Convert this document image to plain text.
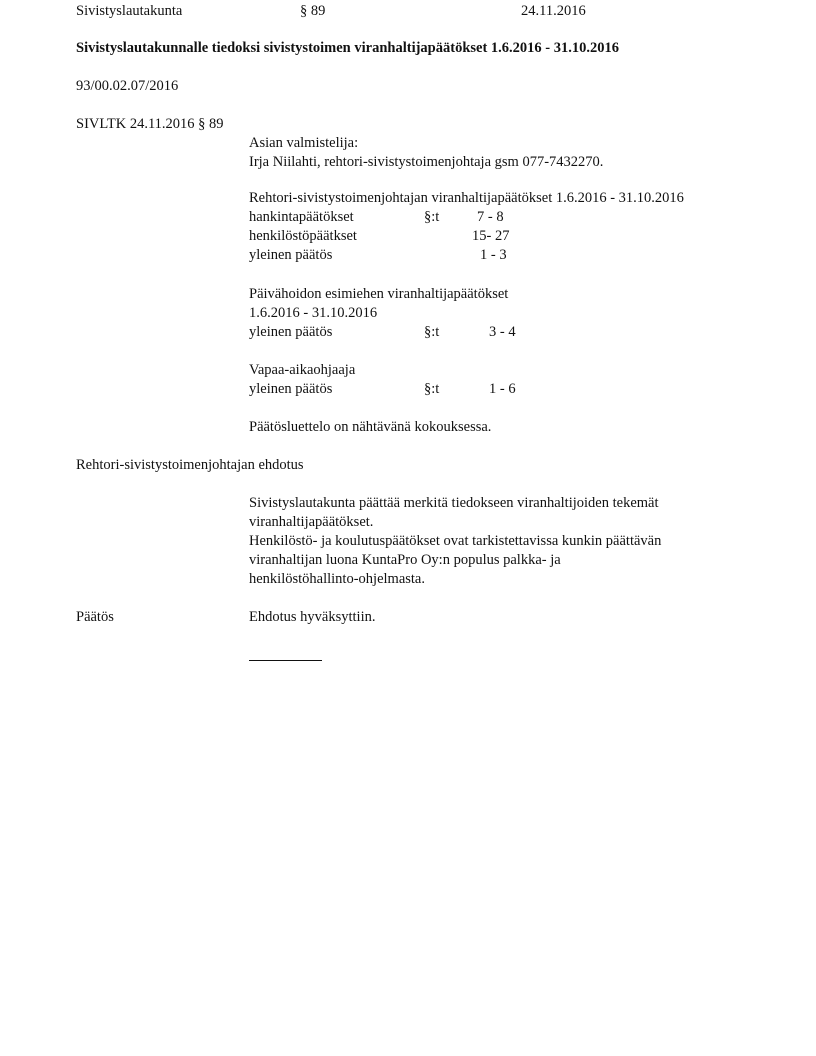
Sivistyslautakunta	§ 89	24.11.2016
Sivistyslautakunnalle tiedoksi sivistystoimen viranhaltijapäätökset 1.6.2016 - 31.10.2016
93/00.02.07/2016
SIVLTK 24.11.2016 § 89
Asian valmistelija:
Irja Niilahti, rehtori-sivistystoimenjohtaja gsm 077-7432270.
Rehtori-sivistystoimenjohtajan viranhaltijapäätökset 1.6.2016 - 31.10.2016
hankintapäätökset	§:t	7 - 8
henkilöstöpäätkset	15- 27
yleinen päätös	1 - 3
Päivähoidon esimiehen viranhaltijapäätökset
1.6.2016 - 31.10.2016
yleinen päätös	§:t	3 - 4
Vapaa-aikaohjaaja
yleinen päätös	§:t	1 - 6
Päätösluettelo on nähtävänä kokouksessa.
Rehtori-sivistystoimenjohtajan ehdotus
Sivistyslautakunta päättää merkitä tiedokseen viranhaltijoiden tekemät
viranhaltijapäätökset.
Henkilöstö- ja koulutuspäätökset ovat tarkistettavissa kunkin päättävän
viranhaltijan luona KuntaPro Oy:n populus palkka- ja
henkilöstöhallinto-ohjelmasta.
Päätös	Ehdotus hyväksyttiin.
